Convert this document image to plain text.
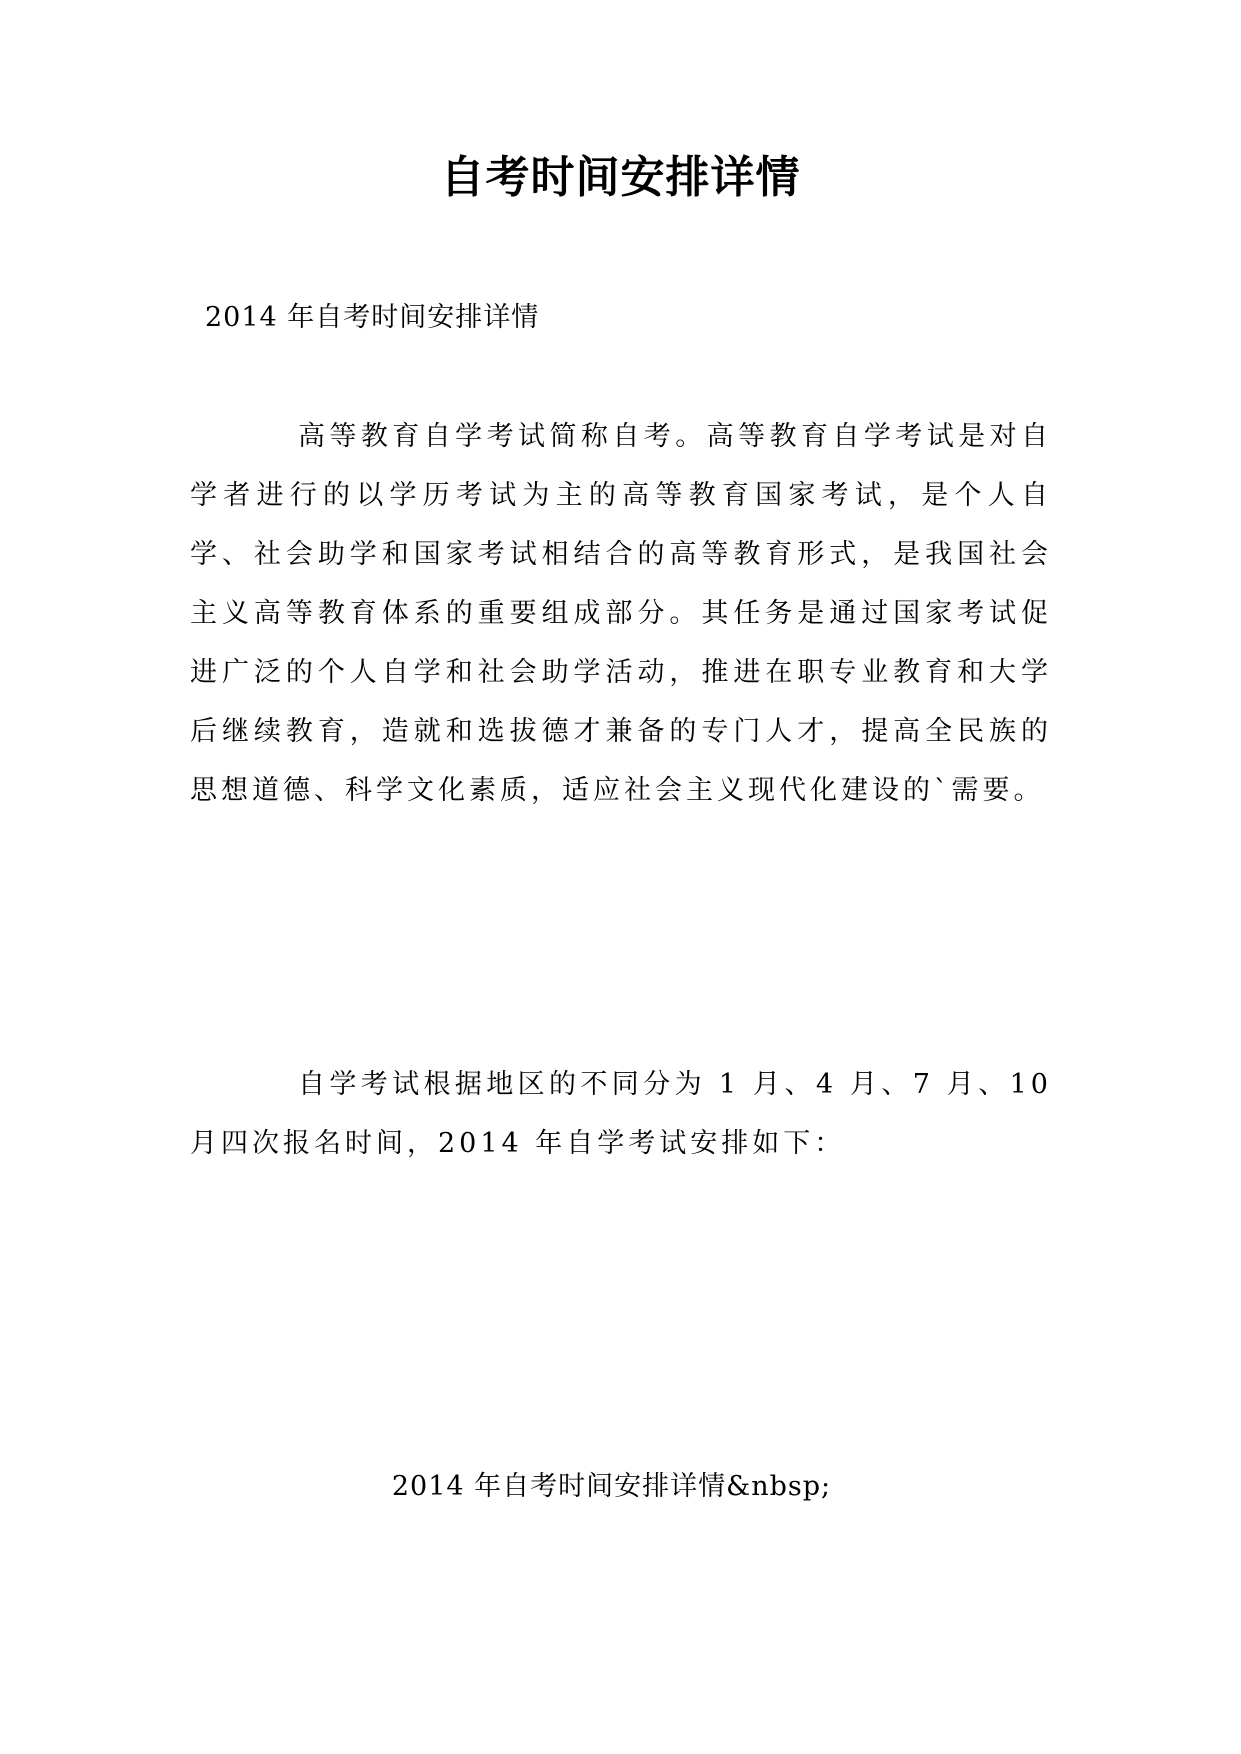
自考时间安排详情
2014 年自考时间安排详情

高等教育自学考试简称自考。高等教育自学考试是对自学者进行的以学历考试为主的高等教育国家考试，是个人自学、社会助学和国家考试相结合的高等教育形式，是我国社会主义高等教育体系的重要组成部分。其任务是通过国家考试促进广泛的个人自学和社会助学活动，推进在职专业教育和大学后继续教育，造就和选拔德才兼备的专门人才，提高全民族的思想道德、科学文化素质，适应社会主义现代化建设的`需要。

自学考试根据地区的不同分为 1 月、4 月、7 月、10 月四次报名时间，2014 年自学考试安排如下：

2014 年自考时间安排详情&nbsp;
